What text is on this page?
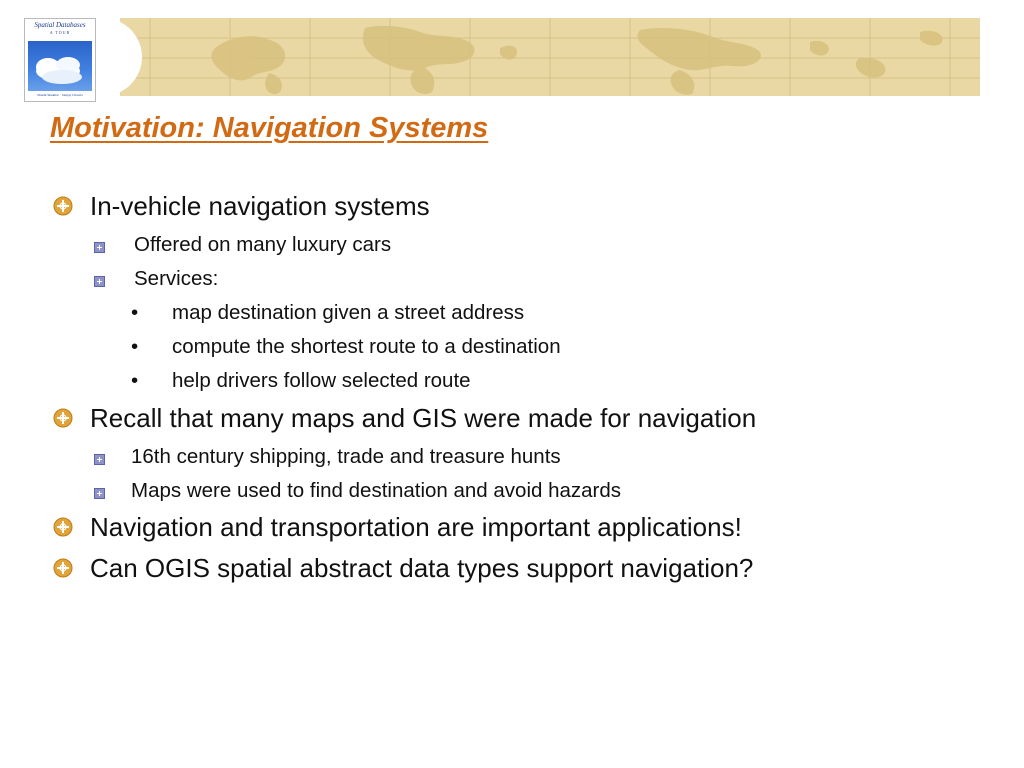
Spatial Databases
A TOUR
Shashi Shekhar · Sanjay Chawla
Motivation: Navigation Systems
In-vehicle navigation systems
Offered on many luxury cars
Services:
• map destination given a street address
• compute the shortest route to a destination
• help drivers follow selected route
Recall that many maps and GIS were made for navigation
16th century shipping, trade and treasure hunts
Maps were used to find destination and avoid hazards
Navigation and transportation are important applications!
Can OGIS spatial abstract data types support navigation?
